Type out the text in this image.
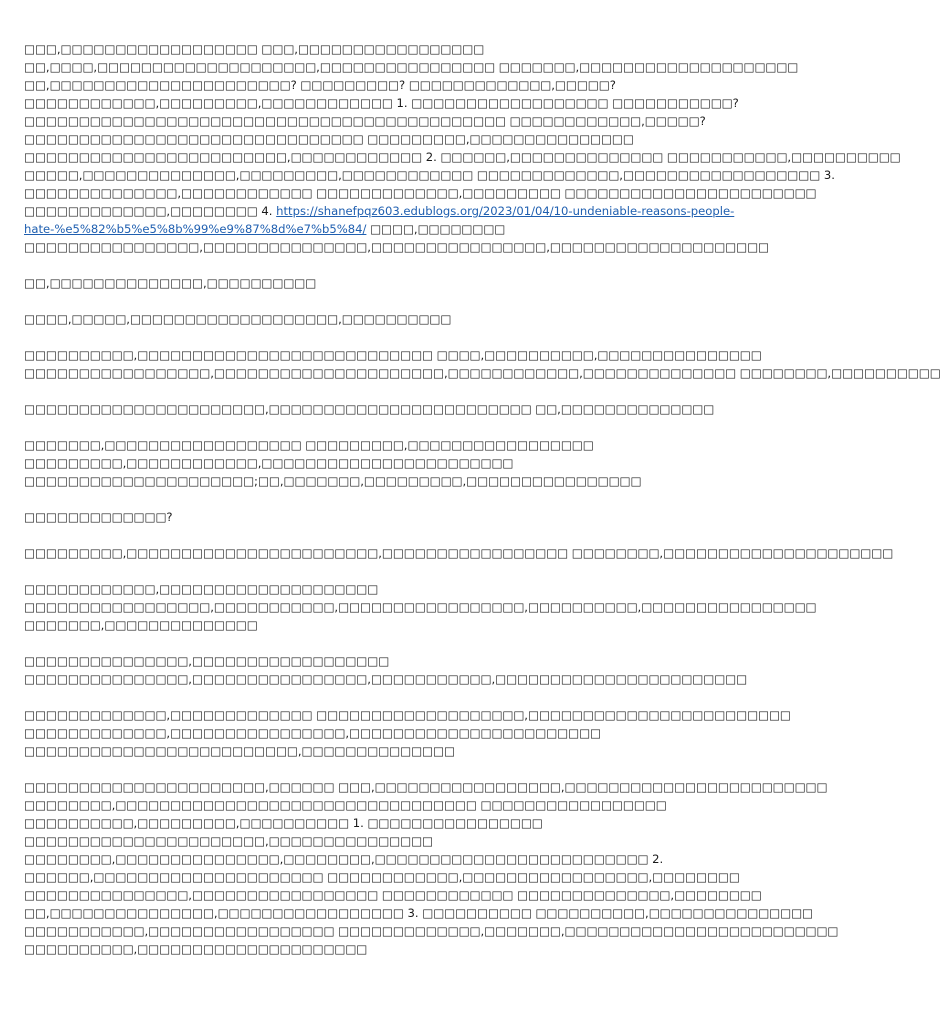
□□□,□□□□□□□□□□□□□□□□□□ □□□,□□□□□□□□□□□□□□□□□
□□,□□□□,□□□□□□□□□□□□□□□□□□□□,□□□□□□□□□□□□□□□□ □□□□□□□,□□□□□□□□□□□□□□□□□□□□
□□,□□□□□□□□□□□□□□□□□□□□□□? □□□□□□□□□? □□□□□□□□□□□□□,□□□□□?
□□□□□□□□□□□□,□□□□□□□□□,□□□□□□□□□□□□ 1. □□□□□□□□□□□□□□□□□□ □□□□□□□□□□□?
□□□□□□□□□□□□□□□□□□□□□□□□□□□□□□□□□□□□□□□□□□□□ □□□□□□□□□□□□,□□□□□?
□□□□□□□□□□□□□□□□□□□□□□□□□□□□□□□ □□□□□□□□□,□□□□□□□□□□□□□□□
□□□□□□□□□□□□□□□□□□□□□□□□,□□□□□□□□□□□□ 2. □□□□□□,□□□□□□□□□□□□□□ □□□□□□□□□□□,□□□□□□□□□□
□□□□□,□□□□□□□□□□□□□□,□□□□□□□□□,□□□□□□□□□□□□ □□□□□□□□□□□□□,□□□□□□□□□□□□□□□□□□ 3.
□□□□□□□□□□□□□□,□□□□□□□□□□□□ □□□□□□□□□□□□□,□□□□□□□□□ □□□□□□□□□□□□□□□□□□□□□□□
□□□□□□□□□□□□□,□□□□□□□□ 4. https://shanefpqz603.edublogs.org/2023/01/04/10-undeniable-reasons-people-
hate-%e5%82%b5%e5%8b%99%e9%87%8d%e7%b5%84/ □□□□,□□□□□□□□
□□□□□□□□□□□□□□□□,□□□□□□□□□□□□□□□,□□□□□□□□□□□□□□□□,□□□□□□□□□□□□□□□□□□□□
□□,□□□□□□□□□□□□□□,□□□□□□□□□□
□□□□,□□□□□,□□□□□□□□□□□□□□□□□□□,□□□□□□□□□□
□□□□□□□□□□,□□□□□□□□□□□□□□□□□□□□□□□□□□□ □□□□,□□□□□□□□□□,□□□□□□□□□□□□□□□
□□□□□□□□□□□□□□□□□,□□□□□□□□□□□□□□□□□□□□□,□□□□□□□□□□□□,□□□□□□□□□□□□□□ □□□□□□□□,□□□□□□□□□□
□□□□□□□□□□□□□□□□□□□□□□,□□□□□□□□□□□□□□□□□□□□□□□□ □□,□□□□□□□□□□□□□□
□□□□□□□,□□□□□□□□□□□□□□□□□□ □□□□□□□□□,□□□□□□□□□□□□□□□□□
□□□□□□□□□,□□□□□□□□□□□□,□□□□□□□□□□□□□□□□□□□□□□□
□□□□□□□□□□□□□□□□□□□□□;□□,□□□□□□□,□□□□□□□□□,□□□□□□□□□□□□□□□□
□□□□□□□□□□□□□?
□□□□□□□□□,□□□□□□□□□□□□□□□□□□□□□□□,□□□□□□□□□□□□□□□□□ □□□□□□□□,□□□□□□□□□□□□□□□□□□□□□
□□□□□□□□□□□□,□□□□□□□□□□□□□□□□□□□□
□□□□□□□□□□□□□□□□□,□□□□□□□□□□□,□□□□□□□□□□□□□□□□□,□□□□□□□□□□,□□□□□□□□□□□□□□□□
□□□□□□□,□□□□□□□□□□□□□□
□□□□□□□□□□□□□□□,□□□□□□□□□□□□□□□□□□
□□□□□□□□□□□□□□□,□□□□□□□□□□□□□□□□,□□□□□□□□□□□,□□□□□□□□□□□□□□□□□□□□□□□
□□□□□□□□□□□□□,□□□□□□□□□□□□□ □□□□□□□□□□□□□□□□□□□,□□□□□□□□□□□□□□□□□□□□□□□□
□□□□□□□□□□□□□,□□□□□□□□□□□□□□□□,□□□□□□□□□□□□□□□□□□□□□□□
□□□□□□□□□□□□□□□□□□□□□□□□□,□□□□□□□□□□□□□□
□□□□□□□□□□□□□□□□□□□□□□,□□□□□□ □□□,□□□□□□□□□□□□□□□□□,□□□□□□□□□□□□□□□□□□□□□□□□
□□□□□□□□,□□□□□□□□□□□□□□□□□□□□□□□□□□□□□□□□□ □□□□□□□□□□□□□□□□□
□□□□□□□□□□,□□□□□□□□□,□□□□□□□□□□ 1. □□□□□□□□□□□□□□□□
□□□□□□□□□□□□□□□□□□□□□□,□□□□□□□□□□□□□□□
□□□□□□□□,□□□□□□□□□□□□□□□,□□□□□□□□,□□□□□□□□□□□□□□□□□□□□□□□□□ 2.
□□□□□□,□□□□□□□□□□□□□□□□□□□□□ □□□□□□□□□□□□,□□□□□□□□□□□□□□□□□,□□□□□□□□
□□□□□□□□□□□□□□□,□□□□□□□□□□□□□□□□□ □□□□□□□□□□□□ □□□□□□□□□□□□□□,□□□□□□□□
□□,□□□□□□□□□□□□□□□,□□□□□□□□□□□□□□□□□ 3. □□□□□□□□□□ □□□□□□□□□□,□□□□□□□□□□□□□□□
□□□□□□□□□□□,□□□□□□□□□□□□□□□□□ □□□□□□□□□□□□□,□□□□□□□,□□□□□□□□□□□□□□□□□□□□□□□□□
□□□□□□□□□□,□□□□□□□□□□□□□□□□□□□□□
